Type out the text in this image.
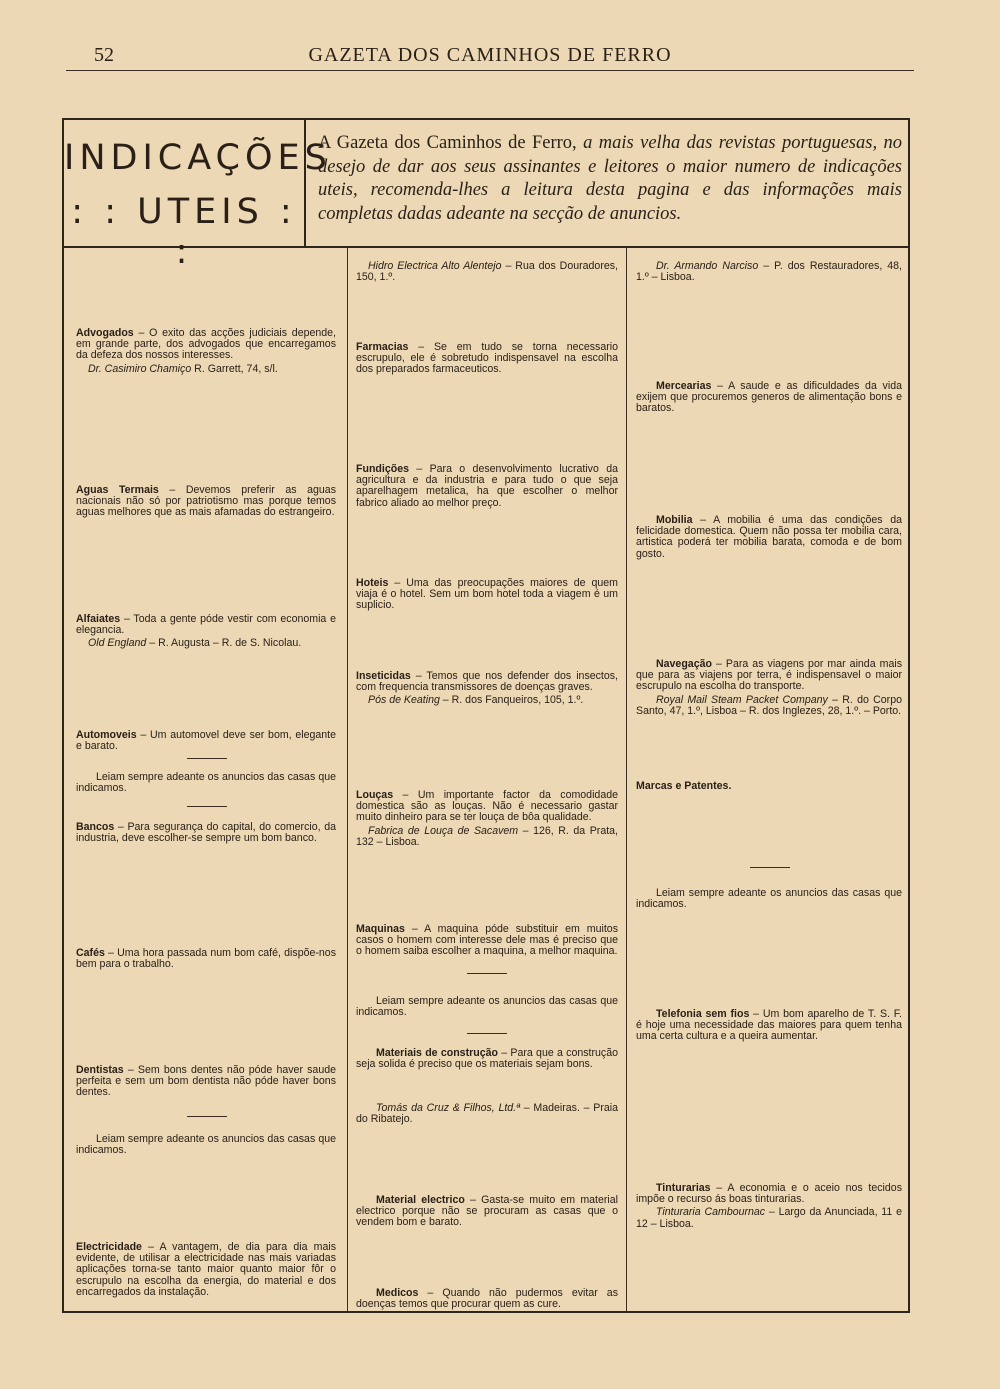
52	GAZETA DOS CAMINHOS DE FERRO
INDICAÇÕES
: : UTEIS : :
A Gazeta dos Caminhos de Ferro, a mais velha das revistas portuguesas, no desejo de dar aos seus assinantes e leitores o maior numero de indicações uteis, recomenda-lhes a leitura desta pagina e das informações mais completas dadas adeante na secção de anuncios.

Advogados – O exito das acções judiciais depende, em grande parte, dos advogados que encarregamos da defeza dos nossos interesses.

Dr. Casimiro Chamiço R. Garrett, 74, s/l.

Aguas Termais – Devemos preferir as aguas nacionais não só por patriotismo mas porque temos aguas melhores que as mais afamadas do estrangeiro.

Alfaiates – Toda a gente póde vestir com economia e elegancia.

Old England – R. Augusta – R. de S. Nicolau.

Automoveis – Um automovel deve ser bom, elegante e barato.

Leiam sempre adeante os anuncios das casas que indicamos.

Bancos – Para segurança do capital, do comercio, da industria, deve escolher-se sempre um bom banco.

Cafés – Uma hora passada num bom café, dispõe-nos bem para o trabalho.

Dentistas – Sem bons dentes não póde haver saude perfeita e sem um bom dentista não póde haver bons dentes.

Leiam sempre adeante os anuncios das casas que indicamos.

Electricidade – A vantagem, de dia para dia mais evidente, de utilisar a electricidade nas mais variadas aplicações torna-se tanto maior quanto maior fôr o escrupulo na escolha da energia, do material e dos encarregados da instalação.

Hidro Electrica Alto Alentejo – Rua dos Douradores, 150, 1.º.

Farmacias – Se em tudo se torna necessario escrupulo, ele é sobretudo indispensavel na escolha dos preparados farmaceuticos.

Fundições – Para o desenvolvimento lucrativo da agricultura e da industria e para tudo o que seja aparelhagem metalica, ha que escolher o melhor fabrico aliado ao melhor preço.

Hoteis – Uma das preocupações maiores de quem viaja é o hotel. Sem um bom hotel toda a viagem é um suplicio.

Inseticidas – Temos que nos defender dos insectos, com frequencia transmissores de doenças graves.

Pós de Keating – R. dos Fanqueiros, 105, 1.º.

Louças – Um importante factor da comodidade domestica são as louças. Não é necessario gastar muito dinheiro para se ter louça de bôa qualidade.

Fabrica de Louça de Sacavem – 126, R. da Prata, 132 – Lisboa.

Maquinas – A maquina póde substituir em muitos casos o homem com interesse dele mas é preciso que o homem saiba escolher a maquina, a melhor maquina.

Leiam sempre adeante os anuncios das casas que indicamos.

Materiais de construção – Para que a construção seja solida é preciso que os materiais sejam bons.

Tomás da Cruz & Filhos, Ltd.ª – Madeiras. – Praia do Ribatejo.

Material electrico – Gasta-se muito em material electrico porque não se procuram as casas que o vendem bom e barato.

Medicos – Quando não pudermos evitar as doenças temos que procurar quem as cure.

Dr. Armando Narciso – P. dos Restauradores, 48, 1.º – Lisboa.

Mercearias – A saude e as dificuldades da vida exijem que procuremos generos de alimentação bons e baratos.

Mobilia – A mobilia é uma das condições da felicidade domestica. Quem não possa ter mobilia cara, artistica poderá ter mobilia barata, comoda e de bom gosto.

Navegação – Para as viagens por mar ainda mais que para as viajens por terra, é indispensavel o maior escrupulo na escolha do transporte.

Royal Mail Steam Packet Company – R. do Corpo Santo, 47, 1.º, Lisboa – R. dos Inglezes, 28, 1.º. – Porto.

Marcas e Patentes.

Leiam sempre adeante os anuncios das casas que indicamos.

Telefonia sem fios – Um bom aparelho de T. S. F. é hoje uma necessidade das maiores para quem tenha uma certa cultura e a queira aumentar.

Tinturarias – A economia e o aceio nos tecidos impõe o recurso ás boas tinturarias.

Tinturaria Cambournac – Largo da Anunciada, 11 e 12 – Lisboa.
